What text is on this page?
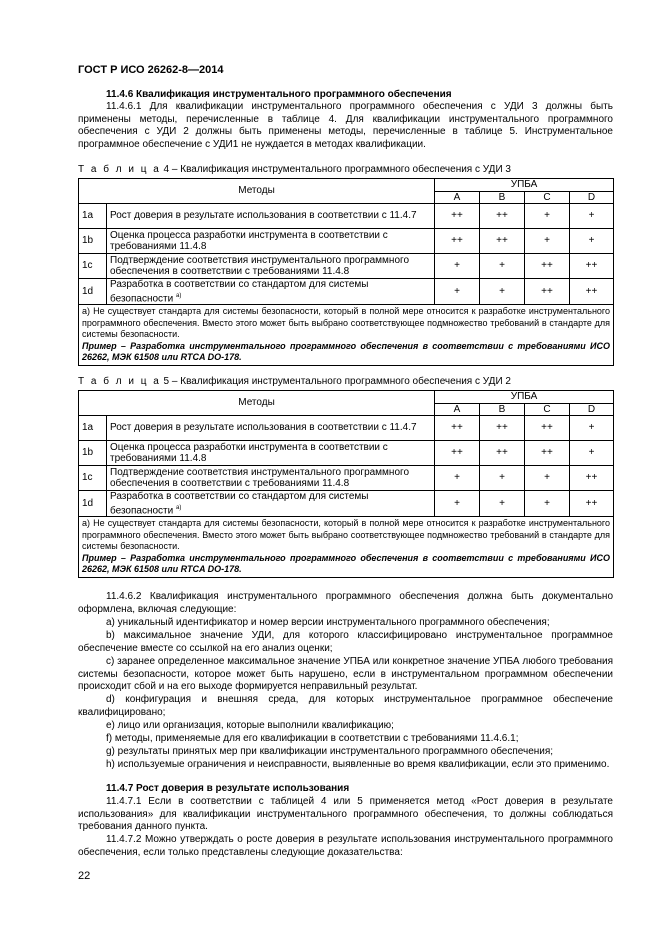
ГОСТ Р ИСО 26262-8—2014
11.4.6 Квалификация инструментального программного обеспечения
11.4.6.1 Для квалификации инструментального программного обеспечения с УДИ 3 должны быть применены методы, перечисленные в таблице 4. Для квалификации инструментального программного обеспечения с УДИ 2 должны быть применены методы, перечисленные в таблице 5. Инструментальное программное обеспечение с УДИ1 не нуждается в методах квалификации.
Т а б л и ц а 4 – Квалификация инструментального программного обеспечения с УДИ 3
Методы		УПБА			
		A	B	C	D
1a	Рост доверия в результате использования в соответствии с 11.4.7	++	++	+	+
1b	Оценка процесса разработки инструмента в соответствии с требованиями 11.4.8	++	++	+	+
1c	Подтверждение соответствия инструментального программного обеспечения в соответствии с требованиями 11.4.8	+	+	++	++
1d	Разработка в соответствии со стандартом для системы безопасности $^{a)}$	+	+	++	++

a) Не существует стандарта для системы безопасности, который в полной мере относится к разработке инструментального программного обеспечения. Вместо этого может быть выбрано соответствующее подмножество требований в стандарте для системы безопасности.
Пример – Разработка инструментального программного обеспечения в соответствии с требованиями ИСО 26262, МЭК 61508 или RTCA DO-178.					
Т а б л и ц а 5 – Квалификация инструментального программного обеспечения с УДИ 2
Методы		УПБА			
		A	B	C	D
1a	Рост доверия в результате использования в соответствии с 11.4.7	++	++	++	+
1b	Оценка процесса разработки инструмента в соответствии с требованиями 11.4.8	++	++	++	+
1c	Подтверждение соответствия инструментального программного обеспечения в соответствии с требованиями 11.4.8	+	+	+	++
1d	Разработка в соответствии со стандартом для системы безопасности $^{a)}$	+	+	+	++

a) Не существует стандарта для системы безопасности, который в полной мере относится к разработке инструментального программного обеспечения. Вместо этого может быть выбрано соответствующее подмножество требований в стандарте для системы безопасности.
Пример – Разработка инструментального программного обеспечения в соответствии с требованиями ИСО 26262, МЭК 61508 или RTCA DO-178.					
11.4.6.2 Квалификация инструментального программного обеспечения должна быть документально оформлена, включая следующие:
a) уникальный идентификатор и номер версии инструментального программного обеспечения;
b) максимальное значение УДИ, для которого классифицировано инструментальное программное обеспечение вместе со ссылкой на его анализ оценки;
c) заранее определенное максимальное значение УПБА или конкретное значение УПБА любого требования системы безопасности, которое может быть нарушено, если в инструментальном программном обеспечении происходит сбой и на его выходе формируется неправильный результат.
d) конфигурация и внешняя среда, для которых инструментальное программное обеспечение квалифицировано;
e) лицо или организация, которые выполнили квалификацию;
f) методы, применяемые для его квалификации в соответствии с требованиями 11.4.6.1;
g) результаты принятых мер при квалификации инструментального программного обеспечения;
h) используемые ограничения и неисправности, выявленные во время квалификации, если это применимо.
11.4.7 Рост доверия в результате использования
11.4.7.1 Если в соответствии с таблицей 4 или 5 применяется метод «Рост доверия в результате использования» для квалификации инструментального программного обеспечения, то должны соблюдаться требования данного пункта.
11.4.7.2 Можно утверждать о росте доверия в результате использования инструментального программного обеспечения, если только представлены следующие доказательства:
22
